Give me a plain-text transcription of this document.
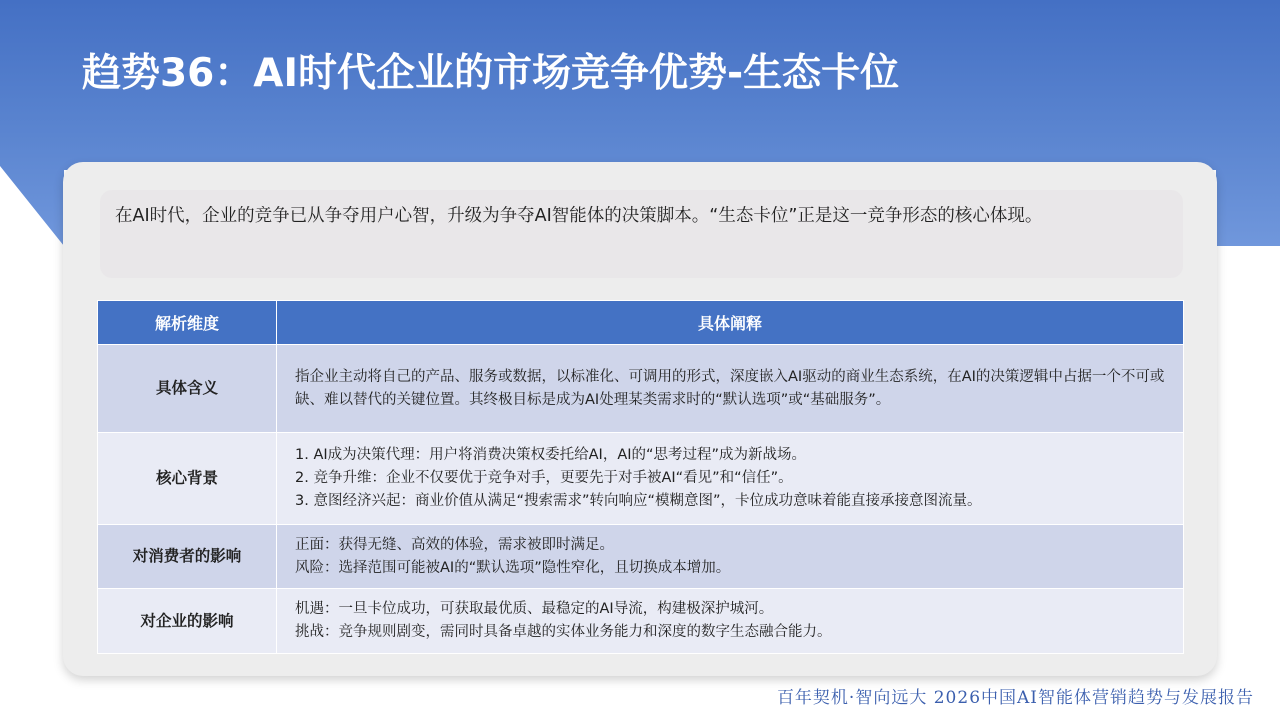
趋势36：AI时代企业的市场竞争优势-生态卡位

在AI时代，企业的竞争已从争夺用户心智，升级为争夺AI智能体的决策脚本。“生态卡位”正是这一竞争形态的核心体现。

解析维度	具体阐释
具体含义	指企业主动将自己的产品、服务或数据，以标准化、可调用的形式，深度嵌入AI驱动的商业生态系统，在AI的决策逻辑中占据一个不可或缺、难以替代的关键位置。其终极目标是成为AI处理某类需求时的“默认选项”或“基础服务”。

核心背景	1. AI成为决策代理：用户将消费决策权委托给AI，AI的“思考过程”成为新战场。
2. 竞争升维：企业不仅要优于竞争对手，更要先于对手被AI“看见”和“信任”。
3. 意图经济兴起：商业价值从满足“搜索需求”转向响应“模糊意图”，卡位成功意味着能直接承接意图流量。

对消费者的影响	正面：获得无缝、高效的体验，需求被即时满足。
风险：选择范围可能被AI的“默认选项”隐性窄化，且切换成本增加。

对企业的影响	机遇：一旦卡位成功，可获取最优质、最稳定的AI导流，构建极深护城河。
挑战：竞争规则剧变，需同时具备卓越的实体业务能力和深度的数字生态融合能力。
百年契机·智向远大 2026中国AI智能体营销趋势与发展报告
